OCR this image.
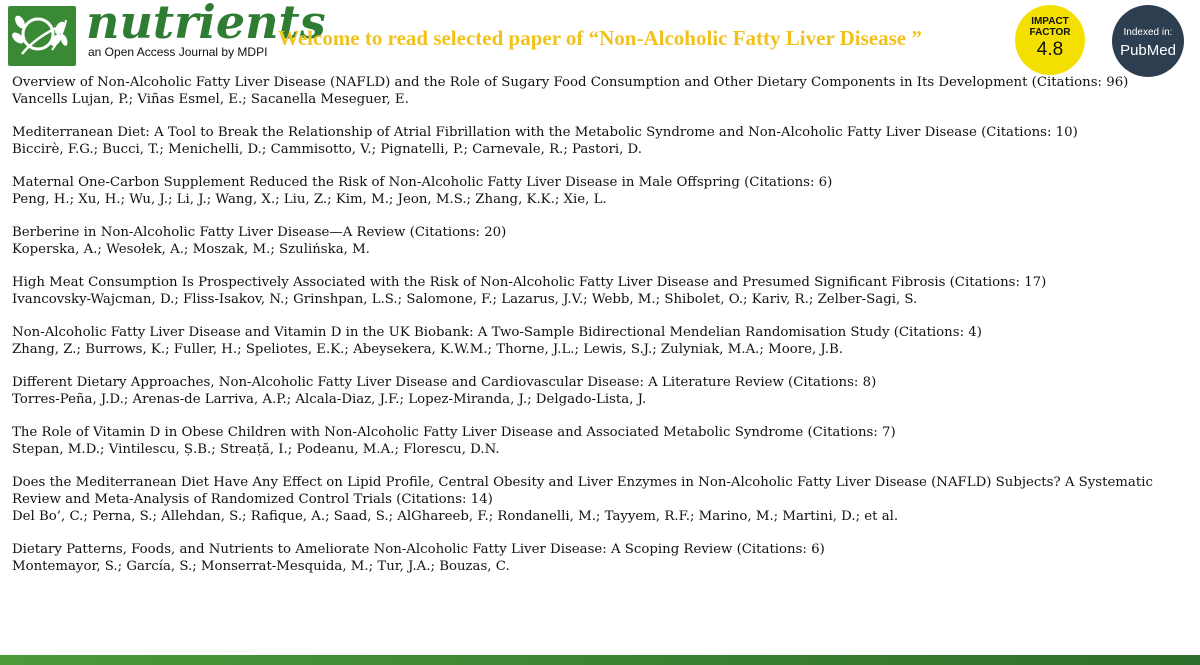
nutrients
an Open Access Journal by MDPI
Welcome to read selected paper of “Non-Alcoholic Fatty Liver Disease ”
IMPACT
FACTOR
4.8
Indexed in:
PubMed
Overview of Non-Alcoholic Fatty Liver Disease (NAFLD) and the Role of Sugary Food Consumption and Other Dietary Components in Its Development (Citations: 96)
Vancells Lujan, P.; Viñas Esmel, E.; Sacanella Meseguer, E.
Mediterranean Diet: A Tool to Break the Relationship of Atrial Fibrillation with the Metabolic Syndrome and Non-Alcoholic Fatty Liver Disease (Citations: 10)
Biccirè, F.G.; Bucci, T.; Menichelli, D.; Cammisotto, V.; Pignatelli, P.; Carnevale, R.; Pastori, D.
Maternal One-Carbon Supplement Reduced the Risk of Non-Alcoholic Fatty Liver Disease in Male Offspring (Citations: 6)
Peng, H.; Xu, H.; Wu, J.; Li, J.; Wang, X.; Liu, Z.; Kim, M.; Jeon, M.S.; Zhang, K.K.; Xie, L.
Berberine in Non-Alcoholic Fatty Liver Disease—A Review (Citations: 20)
Koperska, A.; Wesołek, A.; Moszak, M.; Szulińska, M.
High Meat Consumption Is Prospectively Associated with the Risk of Non-Alcoholic Fatty Liver Disease and Presumed Significant Fibrosis (Citations: 17)
Ivancovsky-Wajcman, D.; Fliss-Isakov, N.; Grinshpan, L.S.; Salomone, F.; Lazarus, J.V.; Webb, M.; Shibolet, O.; Kariv, R.; Zelber-Sagi, S.
Non-Alcoholic Fatty Liver Disease and Vitamin D in the UK Biobank: A Two-Sample Bidirectional Mendelian Randomisation Study (Citations: 4)
Zhang, Z.; Burrows, K.; Fuller, H.; Speliotes, E.K.; Abeysekera, K.W.M.; Thorne, J.L.; Lewis, S.J.; Zulyniak, M.A.; Moore, J.B.
Different Dietary Approaches, Non-Alcoholic Fatty Liver Disease and Cardiovascular Disease: A Literature Review (Citations: 8)
Torres-Peña, J.D.; Arenas-de Larriva, A.P.; Alcala-Diaz, J.F.; Lopez-Miranda, J.; Delgado-Lista, J.
The Role of Vitamin D in Obese Children with Non-Alcoholic Fatty Liver Disease and Associated Metabolic Syndrome (Citations: 7)
Stepan, M.D.; Vintilescu, Ș.B.; Streață, I.; Podeanu, M.A.; Florescu, D.N.
Does the Mediterranean Diet Have Any Effect on Lipid Profile, Central Obesity and Liver Enzymes in Non-Alcoholic Fatty Liver Disease (NAFLD) Subjects? A Systematic Review and Meta-Analysis of Randomized Control Trials (Citations: 14)
Del Bo’, C.; Perna, S.; Allehdan, S.; Rafique, A.; Saad, S.; AlGhareeb, F.; Rondanelli, M.; Tayyem, R.F.; Marino, M.; Martini, D.; et al.
Dietary Patterns, Foods, and Nutrients to Ameliorate Non-Alcoholic Fatty Liver Disease: A Scoping Review (Citations: 6)
Montemayor, S.; García, S.; Monserrat-Mesquida, M.; Tur, J.A.; Bouzas, C.
